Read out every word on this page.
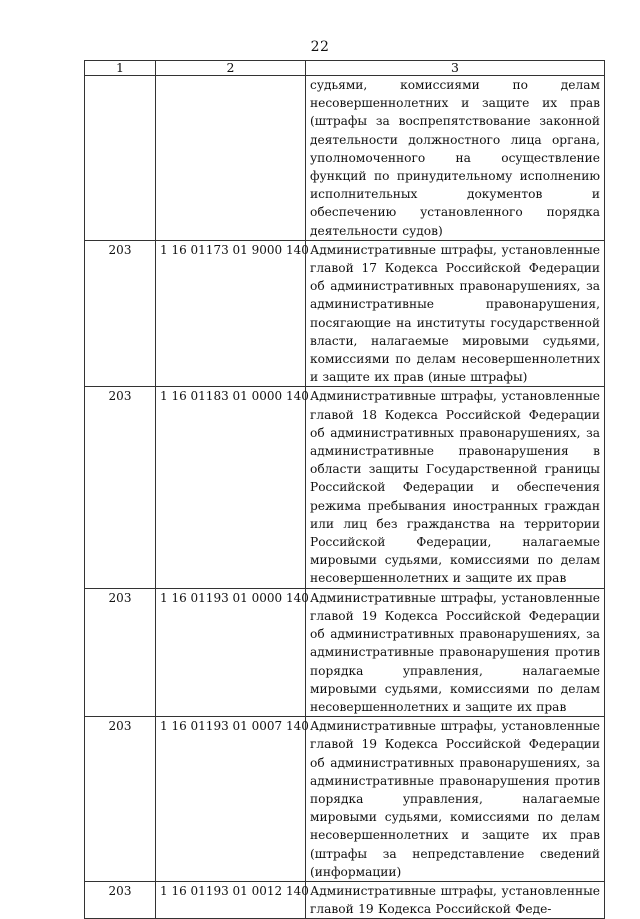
22
1	2	3
		судьями, комиссиями по делам несовершеннолетних и защите их прав (штрафы за воспрепятствование законной деятельности должностного лица органа, уполномоченного на осуществление функций по принудительному исполнению исполнительных документов и обеспечению установленного порядка деятельности судов)
203	1 16 01173 01 9000 140	Административные штрафы, установленные главой 17 Кодекса Российской Федерации об административных правонарушениях, за административные правонарушения, посягающие на институты государственной власти, налагаемые мировыми судьями, комиссиями по делам несовершеннолетних и защите их прав (иные штрафы)
203	1 16 01183 01 0000 140	Административные штрафы, установленные главой 18 Кодекса Российской Федерации об административных правонарушениях, за административные правонарушения в области защиты Государственной границы Российской Федерации и обеспечения режима пребывания иностранных граждан или лиц без гражданства на территории Российской Федерации, налагаемые мировыми судьями, комиссиями по делам несовершеннолетних и защите их прав
203	1 16 01193 01 0000 140	Административные штрафы, установленные главой 19 Кодекса Российской Федерации об административных правонарушениях, за административные правонарушения против порядка управления, налагаемые мировыми судьями, комиссиями по делам несовершеннолетних и защите их прав
203	1 16 01193 01 0007 140	Административные штрафы, установленные главой 19 Кодекса Российской Федерации об административных правонарушениях, за административные правонарушения против порядка управления, налагаемые мировыми судьями, комиссиями по делам несовершеннолетних и защите их прав (штрафы за непредставление сведений (информации)
203	1 16 01193 01 0012 140	Административные штрафы, установленные главой 19 Кодекса Российской Феде-
